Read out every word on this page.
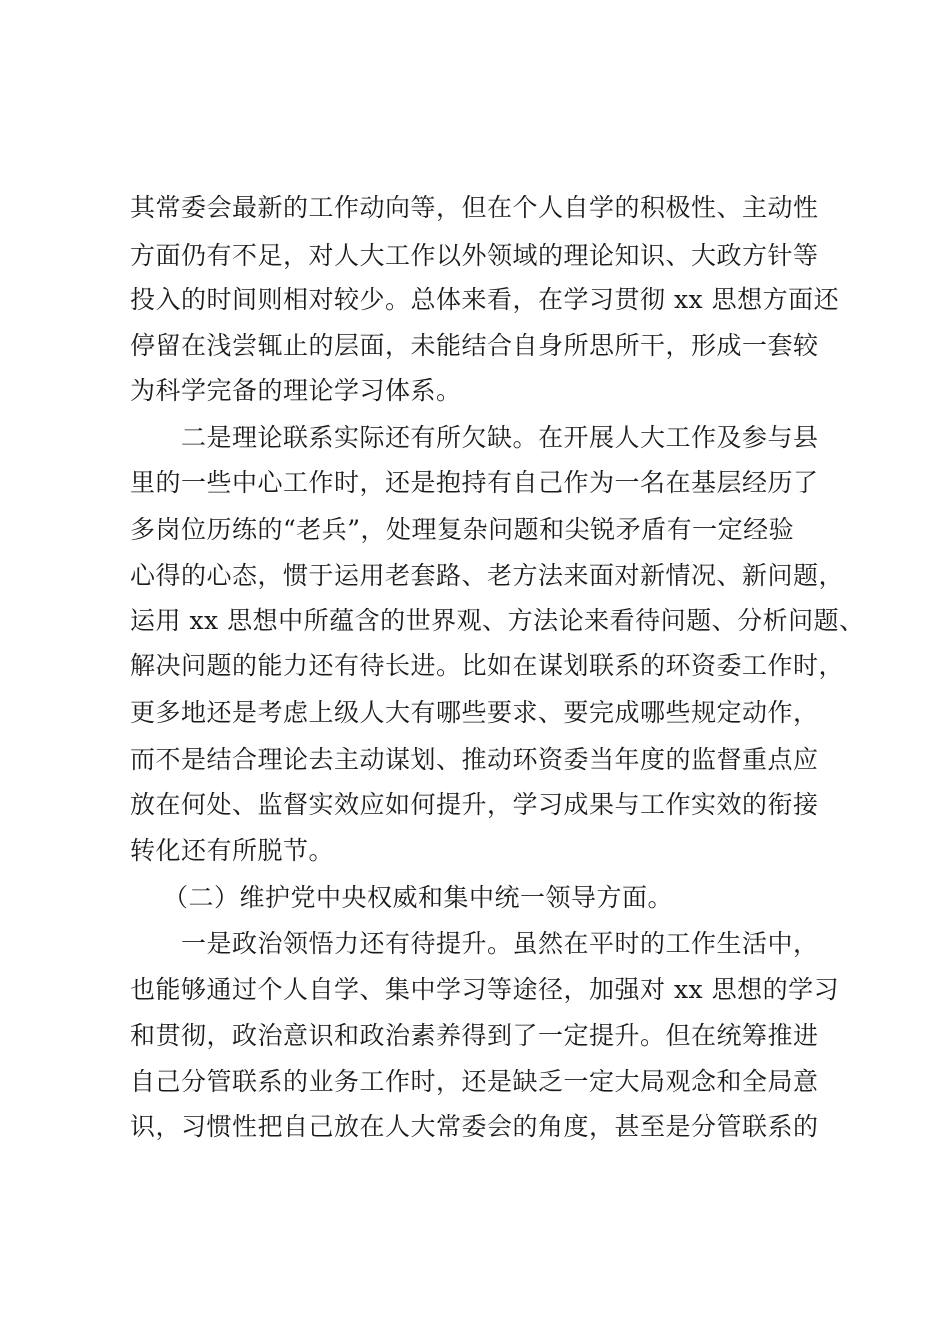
其常委会最新的工作动向等，但在个人自学的积极性、主动性
方面仍有不足，对人大工作以外领域的理论知识、大政方针等
投入的时间则相对较少。总体来看，在学习贯彻 xx 思想方面还
停留在浅尝辄止的层面，未能结合自身所思所干，形成一套较
为科学完备的理论学习体系。
二是理论联系实际还有所欠缺。在开展人大工作及参与县
里的一些中心工作时，还是抱持有自己作为一名在基层经历了
多岗位历练的“老兵”，处理复杂问题和尖锐矛盾有一定经验
心得的心态，惯于运用老套路、老方法来面对新情况、新问题，
运用 xx 思想中所蕴含的世界观、方法论来看待问题、分析问题、
解决问题的能力还有待长进。比如在谋划联系的环资委工作时，
更多地还是考虑上级人大有哪些要求、要完成哪些规定动作，
而不是结合理论去主动谋划、推动环资委当年度的监督重点应
放在何处、监督实效应如何提升，学习成果与工作实效的衔接
转化还有所脱节。
（二）维护党中央权威和集中统一领导方面。
一是政治领悟力还有待提升。虽然在平时的工作生活中，
也能够通过个人自学、集中学习等途径，加强对 xx 思想的学习
和贯彻，政治意识和政治素养得到了一定提升。但在统筹推进
自己分管联系的业务工作时，还是缺乏一定大局观念和全局意
识，习惯性把自己放在人大常委会的角度，甚至是分管联系的
